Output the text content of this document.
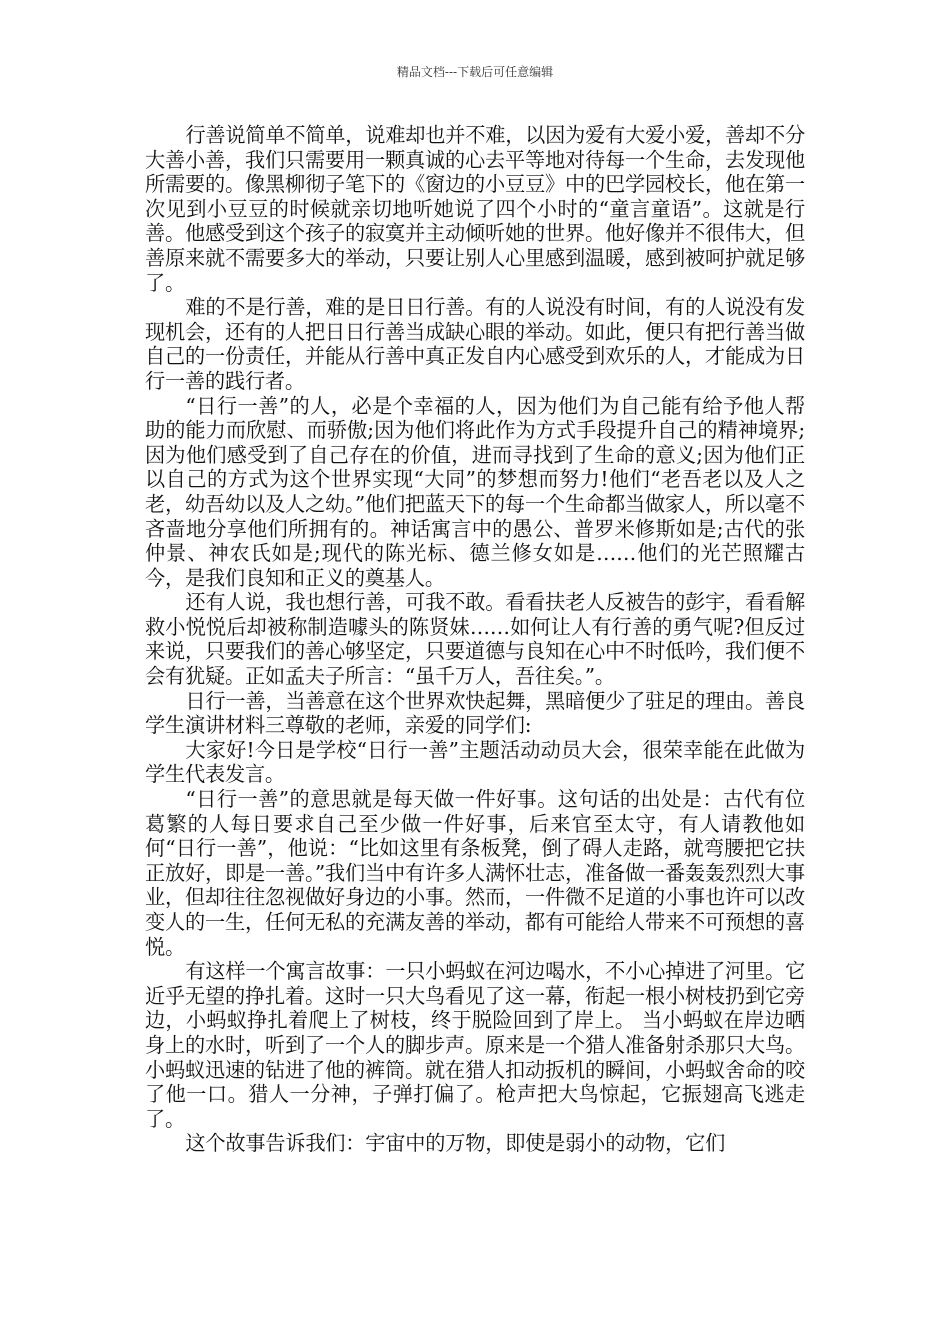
精品文档---下载后可任意编辑

行善说简单不简单，说难却也并不难，以因为爱有大爱小爱，善却不分大善小善，我们只需要用一颗真诚的心去平等地对待每一个生命，去发现他所需要的。像黑柳彻子笔下的《窗边的小豆豆》中的巴学园校长，他在第一次见到小豆豆的时候就亲切地听她说了四个小时的“童言童语”。这就是行善。他感受到这个孩子的寂寞并主动倾听她的世界。他好像并不很伟大，但善原来就不需要多大的举动，只要让别人心里感到温暖，感到被呵护就足够了。

难的不是行善，难的是日日行善。有的人说没有时间，有的人说没有发现机会，还有的人把日日行善当成缺心眼的举动。如此，便只有把行善当做自己的一份责任，并能从行善中真正发自内心感受到欢乐的人，才能成为日行一善的践行者。

“日行一善”的人，必是个幸福的人，因为他们为自己能有给予他人帮助的能力而欣慰、而骄傲;因为他们将此作为方式手段提升自己的精神境界;因为他们感受到了自己存在的价值，进而寻找到了生命的意义;因为他们正以自己的方式为这个世界实现“大同”的梦想而努力!他们“老吾老以及人之老，幼吾幼以及人之幼。”他们把蓝天下的每一个生命都当做家人，所以毫不吝啬地分享他们所拥有的。神话寓言中的愚公、普罗米修斯如是;古代的张仲景、神农氏如是;现代的陈光标、德兰修女如是……他们的光芒照耀古今，是我们良知和正义的奠基人。

还有人说，我也想行善，可我不敢。看看扶老人反被告的彭宇，看看解救小悦悦后却被称制造噱头的陈贤妹……如何让人有行善的勇气呢?但反过来说，只要我们的善心够坚定，只要道德与良知在心中不时低吟，我们便不会有犹疑。正如孟夫子所言：“虽千万人，吾往矣。”。

日行一善，当善意在这个世界欢快起舞，黑暗便少了驻足的理由。善良学生演讲材料三尊敬的老师，亲爱的同学们:

大家好!今日是学校“日行一善”主题活动动员大会，很荣幸能在此做为学生代表发言。

“日行一善”的意思就是每天做一件好事。这句话的出处是：古代有位葛繁的人每日要求自己至少做一件好事，后来官至太守，有人请教他如何“日行一善”，他说：“比如这里有条板凳，倒了碍人走路，就弯腰把它扶正放好，即是一善。”我们当中有许多人满怀壮志，准备做一番轰轰烈烈大事业，但却往往忽视做好身边的小事。然而，一件微不足道的小事也许可以改变人的一生，任何无私的充满友善的举动，都有可能给人带来不可预想的喜悦。

有这样一个寓言故事：一只小蚂蚁在河边喝水，不小心掉进了河里。它近乎无望的挣扎着。这时一只大鸟看见了这一幕，衔起一根小树枝扔到它旁边，小蚂蚁挣扎着爬上了树枝，终于脱险回到了岸上。 当小蚂蚁在岸边晒身上的水时，听到了一个人的脚步声。原来是一个猎人准备射杀那只大鸟。小蚂蚁迅速的钻进了他的裤筒。就在猎人扣动扳机的瞬间，小蚂蚁舍命的咬了他一口。猎人一分神，子弹打偏了。枪声把大鸟惊起，它振翅高飞逃走了。

这个故事告诉我们：宇宙中的万物，即使是弱小的动物，它们
